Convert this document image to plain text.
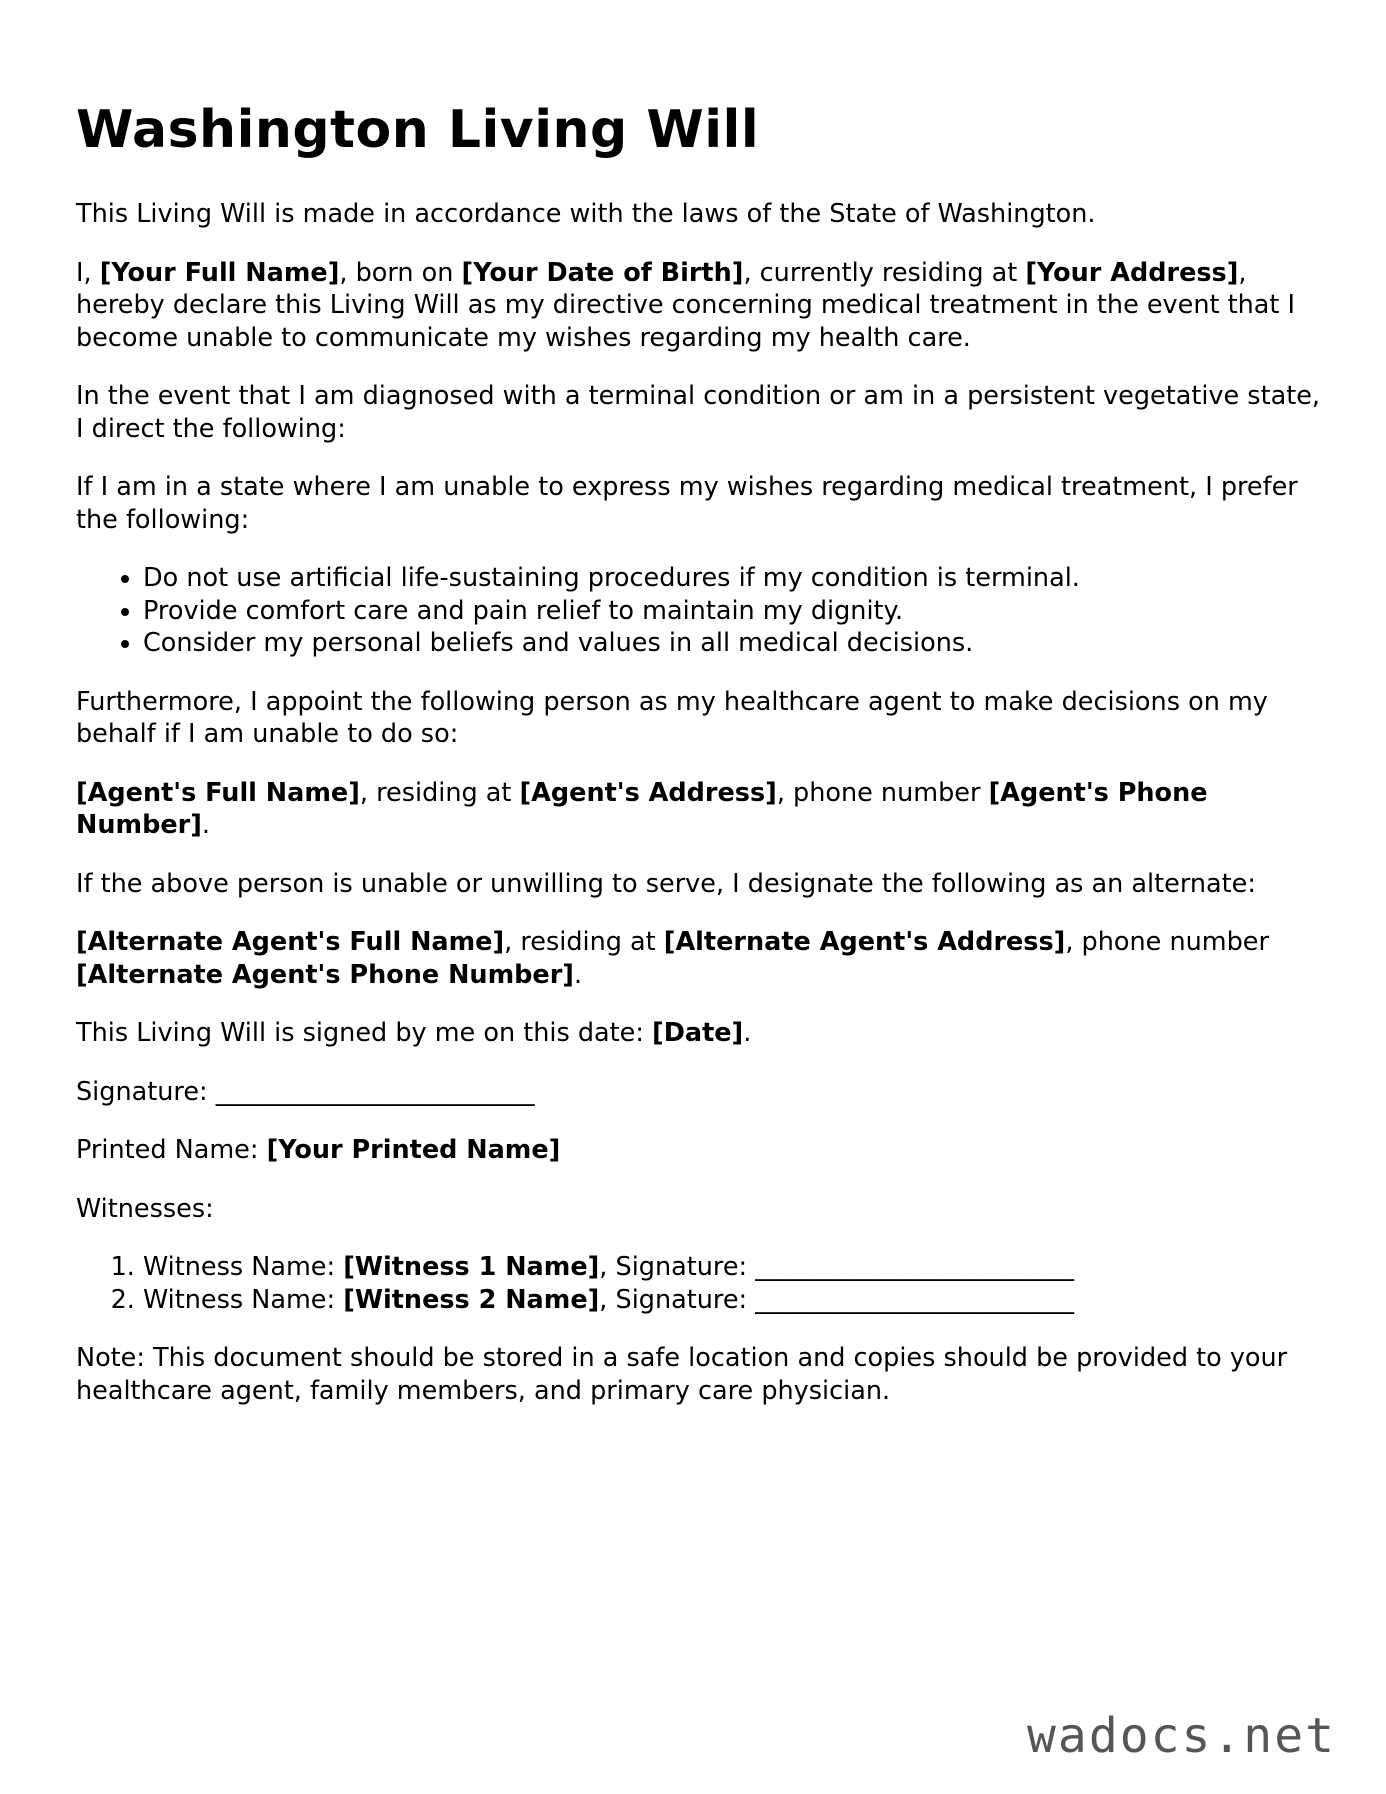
Washington Living Will

This Living Will is made in accordance with the laws of the State of Washington.

I, [Your Full Name], born on [Your Date of Birth], currently residing at [Your Address], hereby declare this Living Will as my directive concerning medical treatment in the event that I become unable to communicate my wishes regarding my health care.

In the event that I am diagnosed with a terminal condition or am in a persistent vegetative state, I direct the following:

If I am in a state where I am unable to express my wishes regarding medical treatment, I prefer the following:

• Do not use artificial life-sustaining procedures if my condition is terminal.
• Provide comfort care and pain relief to maintain my dignity.
• Consider my personal beliefs and values in all medical decisions.

Furthermore, I appoint the following person as my healthcare agent to make decisions on my behalf if I am unable to do so:

[Agent's Full Name], residing at [Agent's Address], phone number [Agent's Phone Number].

If the above person is unable or unwilling to serve, I designate the following as an alternate:

[Alternate Agent's Full Name], residing at [Alternate Agent's Address], phone number [Alternate Agent's Phone Number].

This Living Will is signed by me on this date: [Date].

Signature: _________________________

Printed Name: [Your Printed Name]

Witnesses:

1. Witness Name: [Witness 1 Name], Signature: _________________________
2. Witness Name: [Witness 2 Name], Signature: _________________________

Note: This document should be stored in a safe location and copies should be provided to your healthcare agent, family members, and primary care physician.

wadocs.net
